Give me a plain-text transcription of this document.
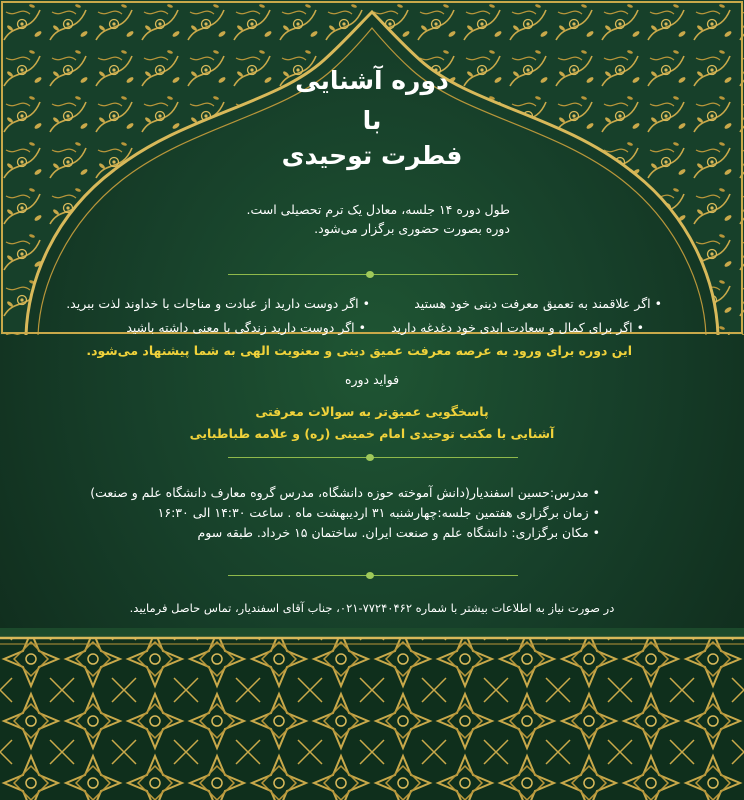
دوره آشنایی
با
فطرت توحیدی
طول دوره ۱۴ جلسه، معادل یک ترم تحصیلی است.
دوره بصورت حضوری برگزار می‌شود.
• اگر علاقمند به تعمیق معرفت دینی خود هستید
• اگر دوست دارید از عبادت و مناجات با خداوند لذت ببرید.
• اگر برای کمال و سعادت ابدی خود دغدغه دارید
• اگر دوست دارید زندگی با معنی داشته باشید
این دوره برای ورود به عرصه معرفت عمیق دینی و معنویت الهی به شما پیشنهاد می‌شود.
فواید دوره
پاسخگویی عمیق‌تر به سوالات معرفتی
آشنایی با مکتب توحیدی امام خمینی (ره) و علامه طباطبایی
• مدرس:حسین اسفندیار(دانش آموخته حوزه دانشگاه، مدرس گروه معارف دانشگاه علم و صنعت)
• زمان برگزاری هفتمین جلسه:چهارشنبه ۳۱ اردیبهشت ماه . ساعت ۱۴:۳۰ الی ۱۶:۳۰
• مکان برگزاری: دانشگاه علم و صنعت ایران. ساختمان ۱۵ خرداد. طبقه سوم
در صورت نیاز به اطلاعات بیشتر با شماره ۷۷۲۴۰۴۶۲-۰۲۱، جناب آقای اسفندیار، تماس حاصل فرمایید.
